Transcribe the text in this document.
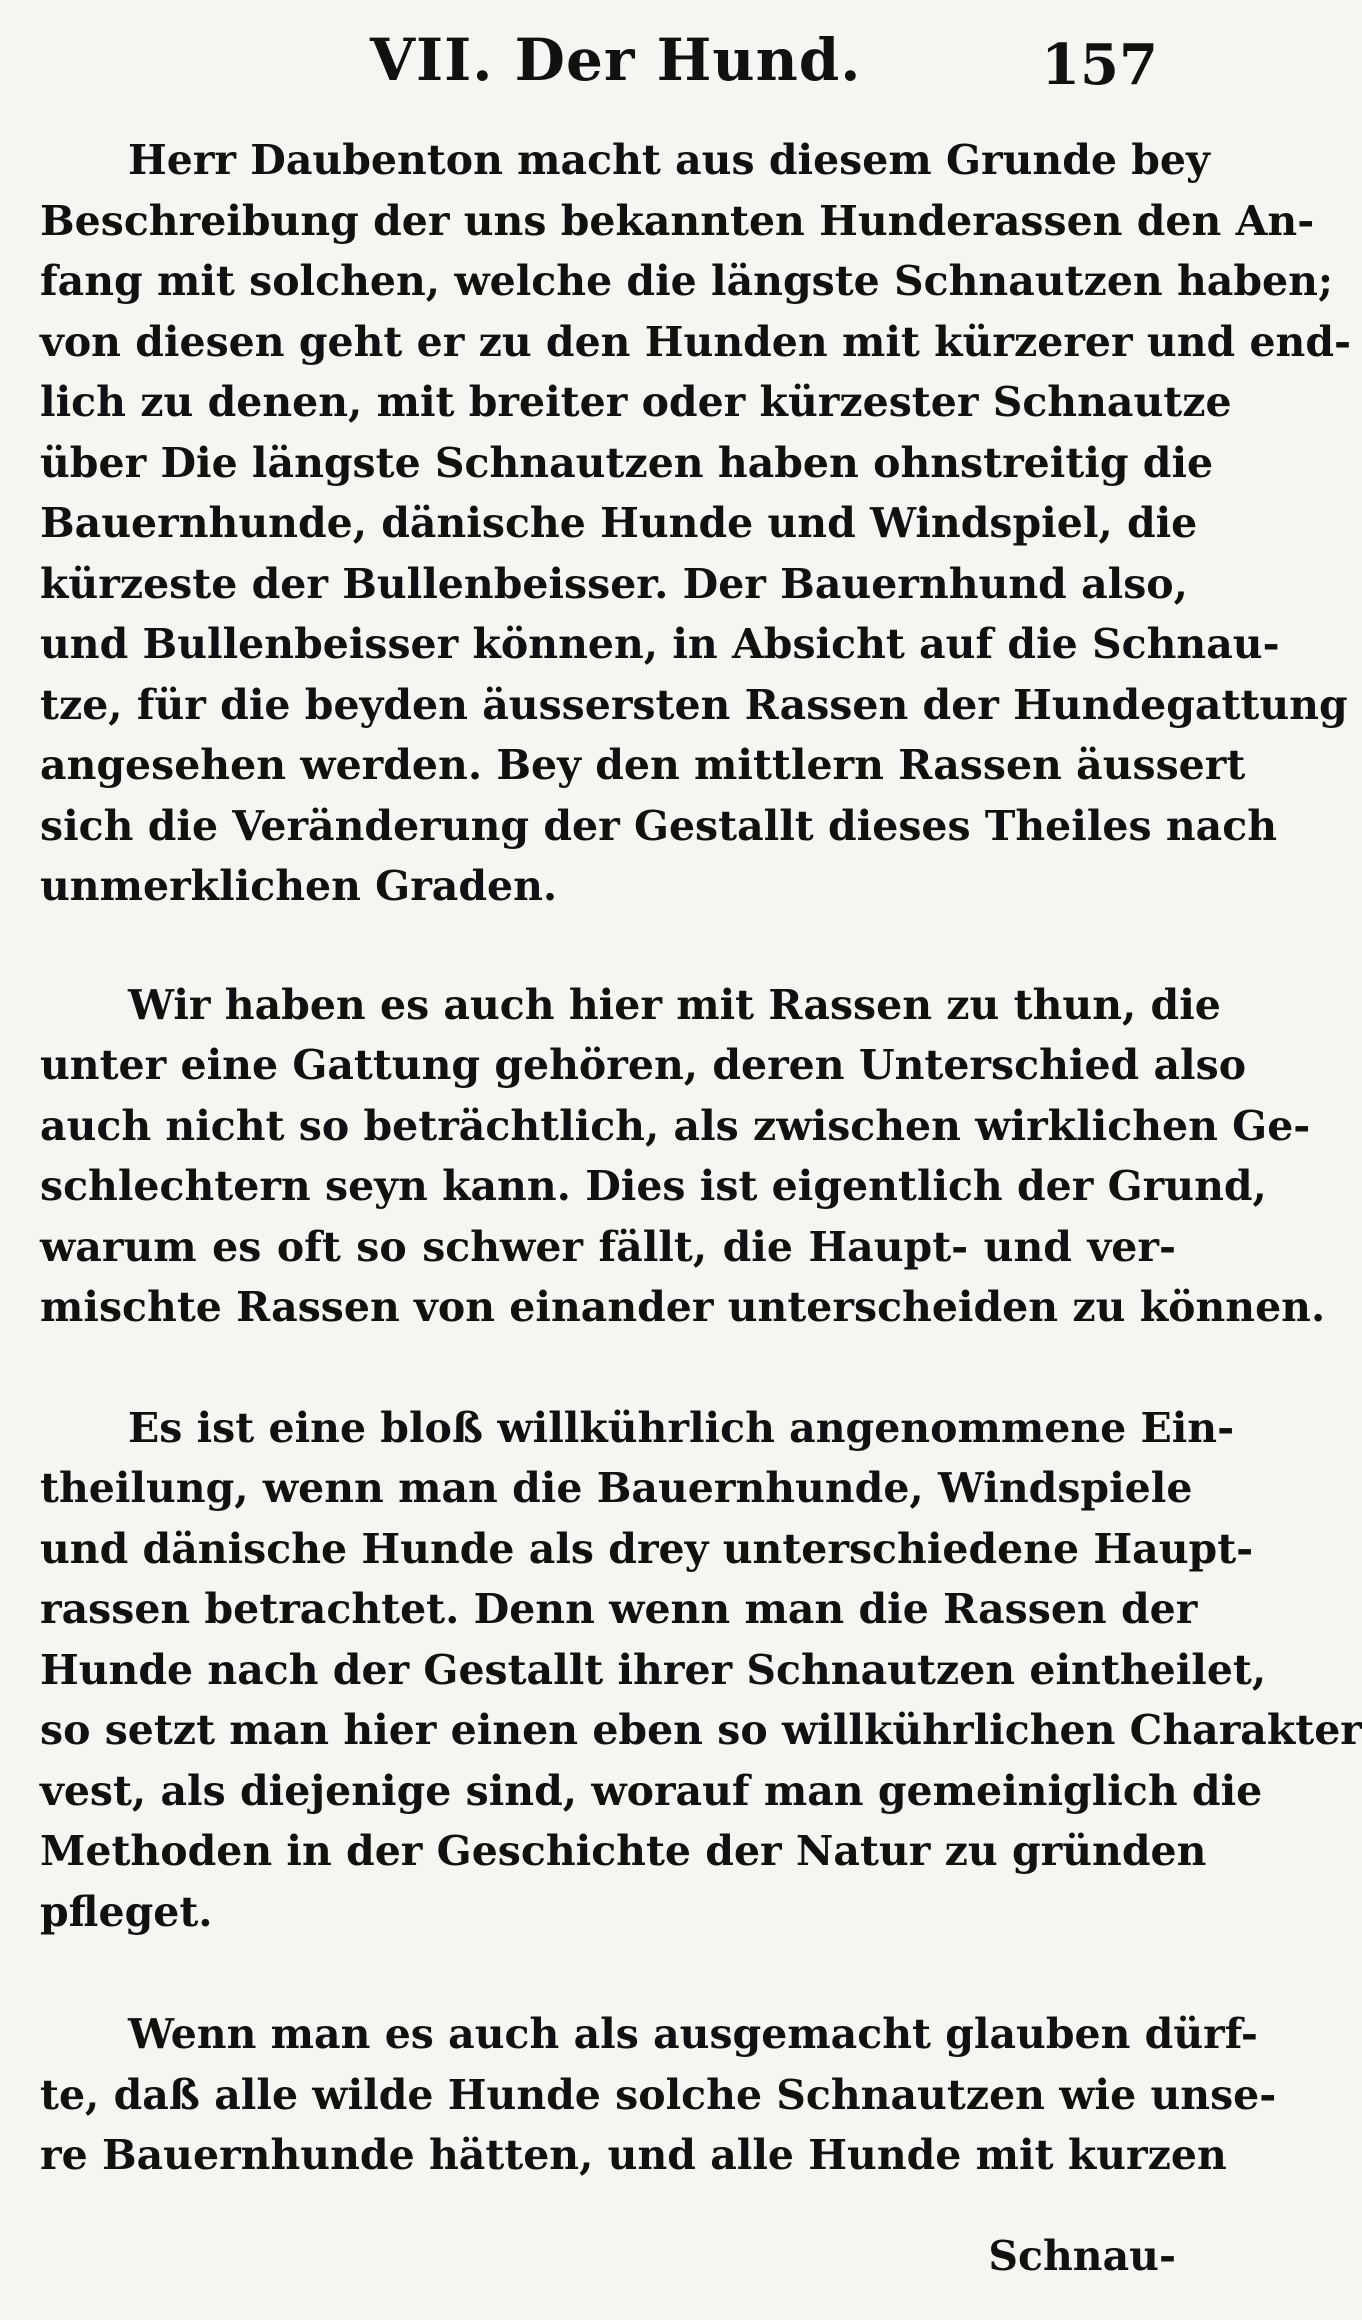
VII. Der Hund.	157
Herr Daubenton macht aus diesem Grunde bey
Beschreibung der uns bekannten Hunderassen den An-
fang mit solchen, welche die längste Schnautzen haben;
von diesen geht er zu den Hunden mit kürzerer und end-
lich zu denen, mit breiter oder kürzester Schnautze
über Die längste Schnautzen haben ohnstreitig die
Bauernhunde, dänische Hunde und Windspiel, die
kürzeste der Bullenbeisser. Der Bauernhund also,
und Bullenbeisser können, in Absicht auf die Schnau-
tze, für die beyden äussersten Rassen der Hundegattung
angesehen werden. Bey den mittlern Rassen äussert
sich die Veränderung der Gestallt dieses Theiles nach
unmerklichen Graden.
Wir haben es auch hier mit Rassen zu thun, die
unter eine Gattung gehören, deren Unterschied also
auch nicht so beträchtlich, als zwischen wirklichen Ge-
schlechtern seyn kann. Dies ist eigentlich der Grund,
warum es oft so schwer fällt, die Haupt- und ver-
mischte Rassen von einander unterscheiden zu können.
Es ist eine bloß willkührlich angenommene Ein-
theilung, wenn man die Bauernhunde, Windspiele
und dänische Hunde als drey unterschiedene Haupt-
rassen betrachtet. Denn wenn man die Rassen der
Hunde nach der Gestallt ihrer Schnautzen eintheilet,
so setzt man hier einen eben so willkührlichen Charakter
vest, als diejenige sind, worauf man gemeiniglich die
Methoden in der Geschichte der Natur zu gründen
pfleget.
Wenn man es auch als ausgemacht glauben dürf-
te, daß alle wilde Hunde solche Schnautzen wie unse-
re Bauernhunde hätten, und alle Hunde mit kurzen
Schnau-
